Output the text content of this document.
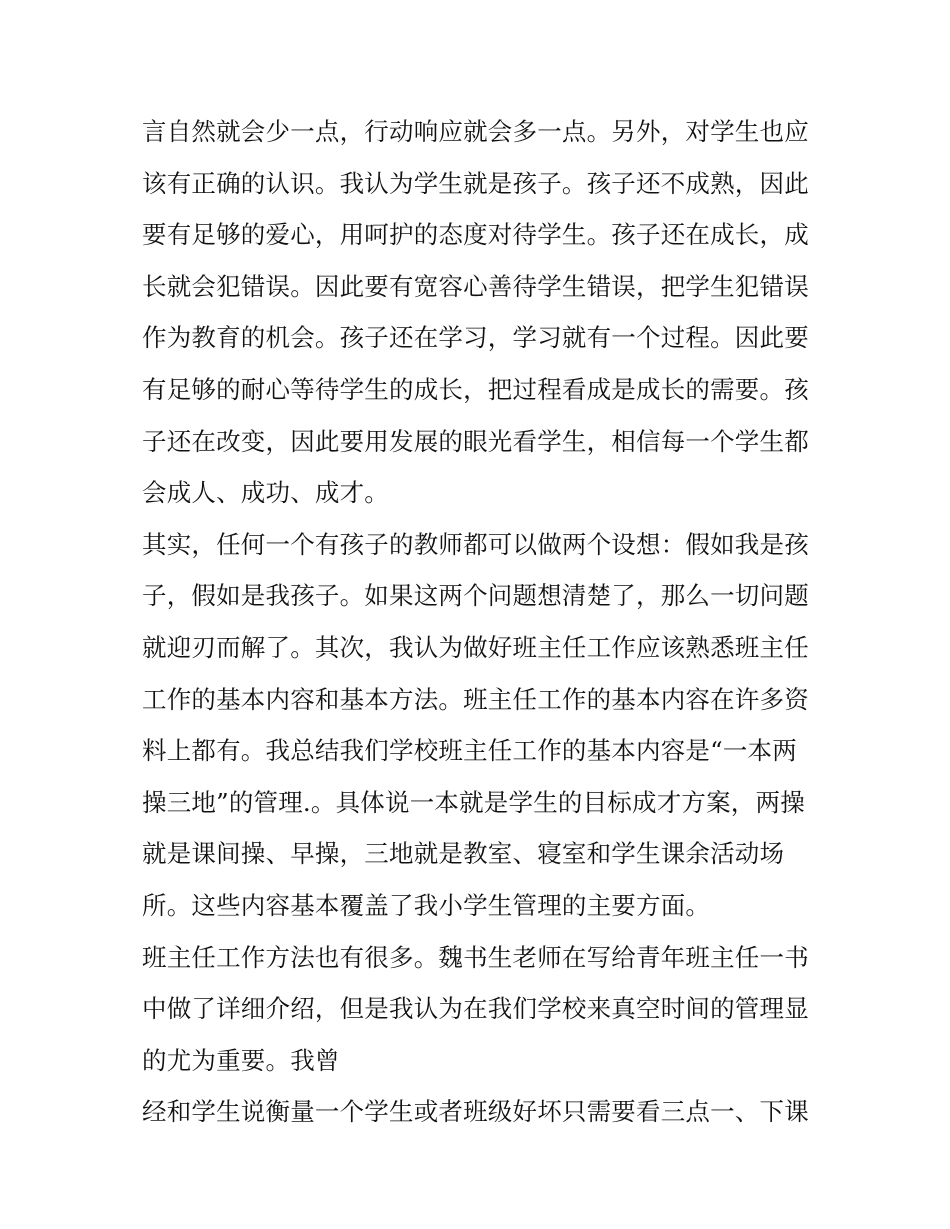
言自然就会少一点，行动响应就会多一点。另外，对学生也应
该有正确的认识。我认为学生就是孩子。孩子还不成熟，因此
要有足够的爱心，用呵护的态度对待学生。孩子还在成长，成
长就会犯错误。因此要有宽容心善待学生错误，把学生犯错误
作为教育的机会。孩子还在学习，学习就有一个过程。因此要
有足够的耐心等待学生的成长，把过程看成是成长的需要。孩
子还在改变，因此要用发展的眼光看学生，相信每一个学生都
会成人、成功、成才。
其实，任何一个有孩子的教师都可以做两个设想：假如我是孩
子，假如是我孩子。如果这两个问题想清楚了，那么一切问题
就迎刃而解了。其次，我认为做好班主任工作应该熟悉班主任
工作的基本内容和基本方法。班主任工作的基本内容在许多资
料上都有。我总结我们学校班主任工作的基本内容是“一本两
操三地”的管理.。具体说一本就是学生的目标成才方案，两操
就是课间操、早操，三地就是教室、寝室和学生课余活动场
所。这些内容基本覆盖了我小学生管理的主要方面。
班主任工作方法也有很多。魏书生老师在写给青年班主任一书
中做了详细介绍，但是我认为在我们学校来真空时间的管理显
的尤为重要。我曾
经和学生说衡量一个学生或者班级好坏只需要看三点一、下课
